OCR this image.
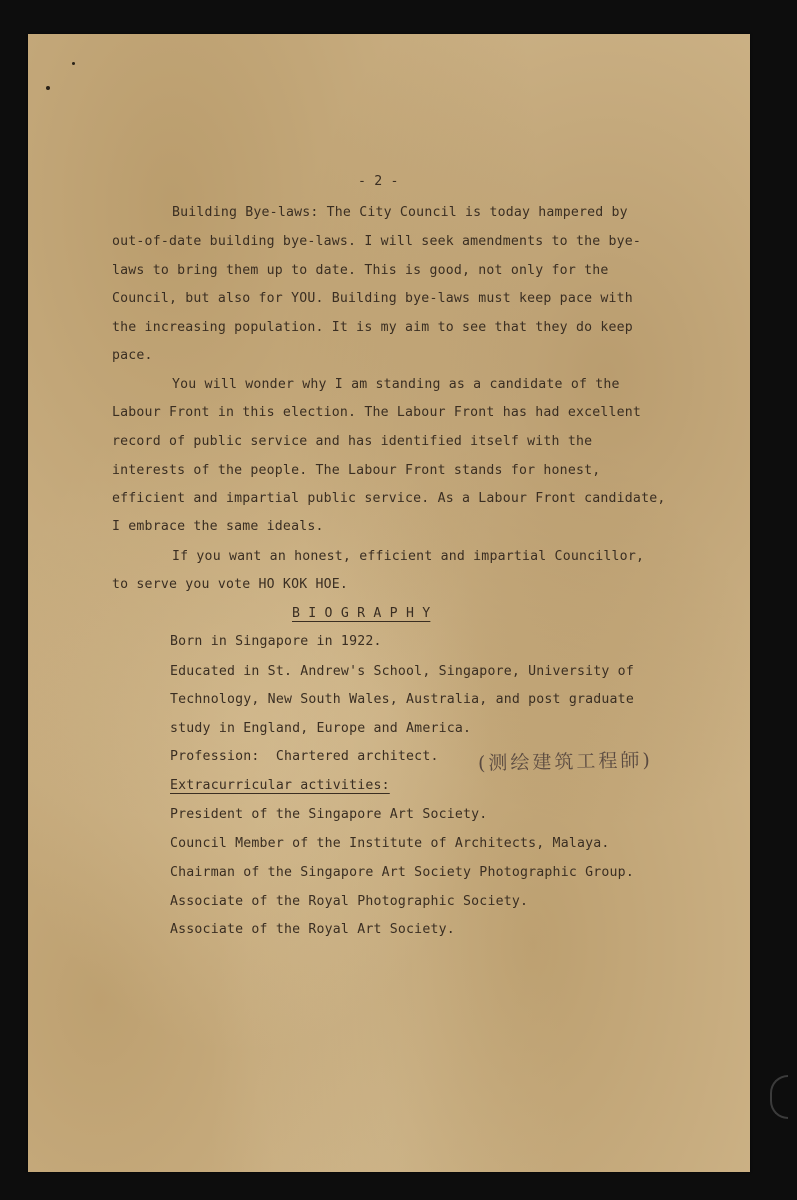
- 2 -
Building Bye-laws: The City Council is today hampered by
out-of-date building bye-laws. I will seek amendments to the bye-
laws to bring them up to date. This is good, not only for the
Council, but also for YOU. Building bye-laws must keep pace with
the increasing population. It is my aim to see that they do keep
pace.
You will wonder why I am standing as a candidate of the
Labour Front in this election. The Labour Front has had excellent
record of public service and has identified itself with the
interests of the people. The Labour Front stands for honest,
efficient and impartial public service. As a Labour Front candidate,
I embrace the same ideals.
If you want an honest, efficient and impartial Councillor,
to serve you vote HO KOK HOE.
B I O G R A P H Y
Born in Singapore in 1922.
Educated in St. Andrew's School, Singapore, University of
Technology, New South Wales, Australia, and post graduate
study in England, Europe and America.
Profession:  Chartered architect. (测绘建筑工程師)
Extracurricular activities:
President of the Singapore Art Society.
Council Member of the Institute of Architects, Malaya.
Chairman of the Singapore Art Society Photographic Group.
Associate of the Royal Photographic Society.
Associate of the Royal Art Society.
